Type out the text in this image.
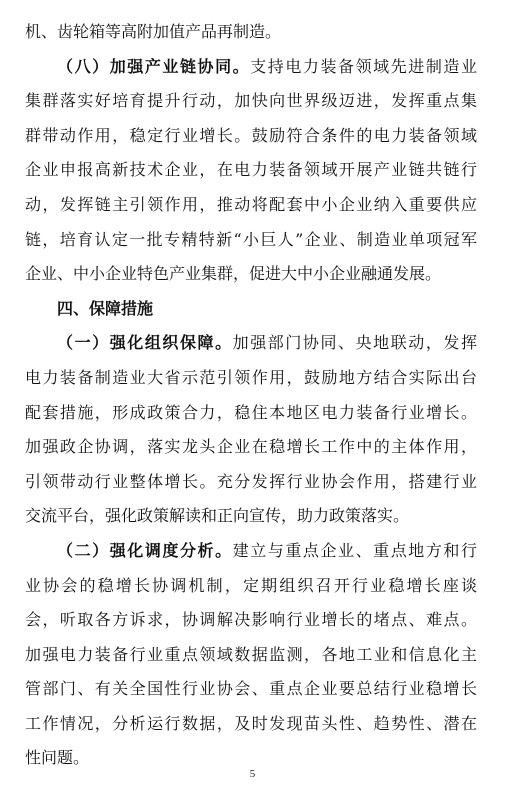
机、齿轮箱等高附加值产品再制造。
（八）加强产业链协同。支持电力装备领域先进制造业
集群落实好培育提升行动，加快向世界级迈进，发挥重点集
群带动作用，稳定行业增长。鼓励符合条件的电力装备领域
企业申报高新技术企业，在电力装备领域开展产业链共链行
动，发挥链主引领作用，推动将配套中小企业纳入重要供应
链，培育认定一批专精特新“小巨人”企业、制造业单项冠军
企业、中小企业特色产业集群，促进大中小企业融通发展。
四、保障措施
（一）强化组织保障。加强部门协同、央地联动，发挥
电力装备制造业大省示范引领作用，鼓励地方结合实际出台
配套措施，形成政策合力，稳住本地区电力装备行业增长。
加强政企协调，落实龙头企业在稳增长工作中的主体作用，
引领带动行业整体增长。充分发挥行业协会作用，搭建行业
交流平台，强化政策解读和正向宣传，助力政策落实。
（二）强化调度分析。建立与重点企业、重点地方和行
业协会的稳增长协调机制，定期组织召开行业稳增长座谈
会，听取各方诉求，协调解决影响行业增长的堵点、难点。
加强电力装备行业重点领域数据监测，各地工业和信息化主
管部门、有关全国性行业协会、重点企业要总结行业稳增长
工作情况，分析运行数据，及时发现苗头性、趋势性、潜在
性问题。
5
